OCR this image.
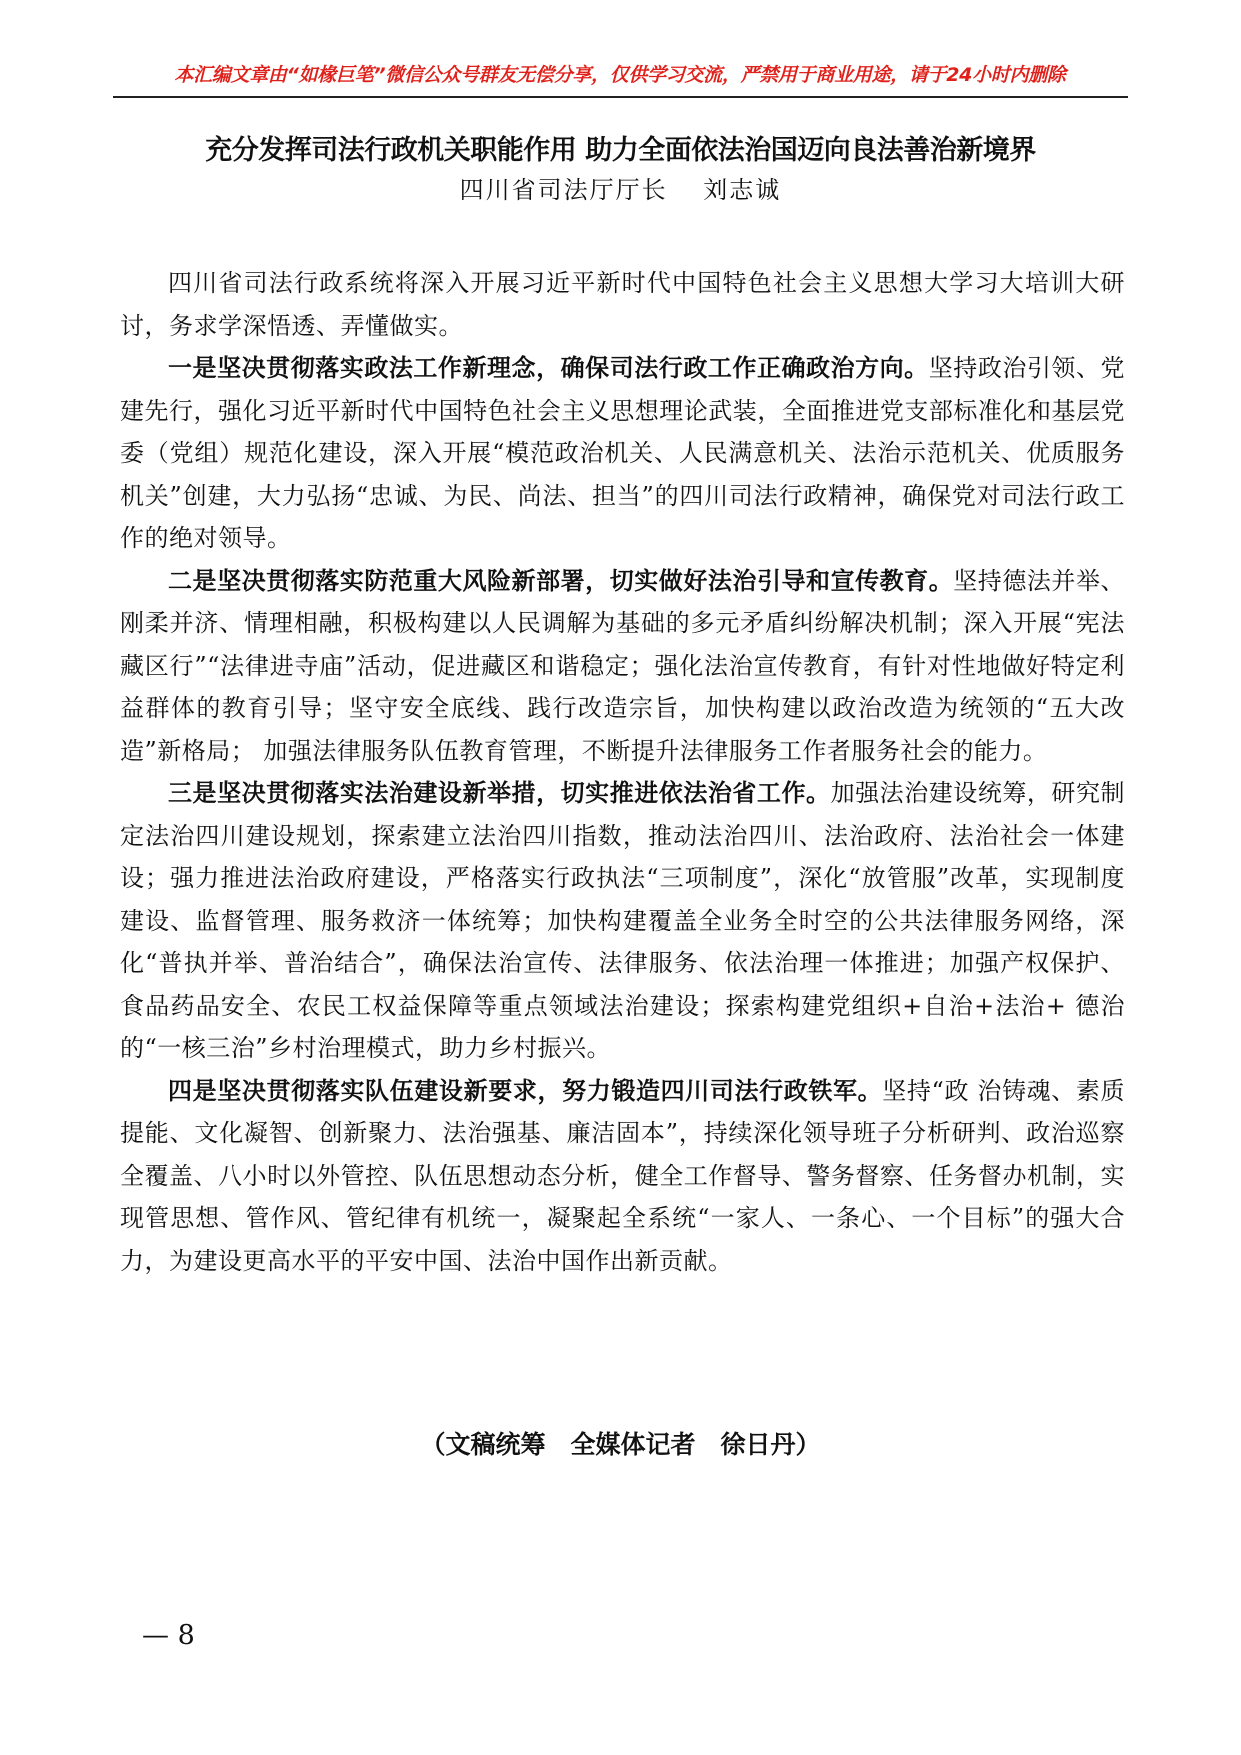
本汇编文章由“如椽巨笔”微信公众号群友无偿分享，仅供学习交流，严禁用于商业用途，请于24小时内删除
充分发挥司法行政机关职能作用 助力全面依法治国迈向良法善治新境界
四川省司法厅厅长　 刘志诚

四川省司法行政系统将深入开展习近平新时代中国特色社会主义思想大学习大培训大研讨，务求学深悟透、弄懂做实。

一是坚决贯彻落实政法工作新理念，确保司法行政工作正确政治方向。坚持政治引领、党建先行，强化习近平新时代中国特色社会主义思想理论武装，全面推进党支部标准化和基层党委（党组）规范化建设，深入开展“模范政治机关、人民满意机关、法治示范机关、优质服务机关”创建，大力弘扬“忠诚、为民、尚法、担当”的四川司法行政精神，确保党对司法行政工作的绝对领导。

二是坚决贯彻落实防范重大风险新部署，切实做好法治引导和宣传教育。坚持德法并举、刚柔并济、情理相融，积极构建以人民调解为基础的多元矛盾纠纷解决机制；深入开展“宪法藏区行”“法律进寺庙”活动，促进藏区和谐稳定；强化法治宣传教育，有针对性地做好特定利益群体的教育引导；坚守安全底线、践行改造宗旨，加快构建以政治改造为统领的“五大改造”新格局； 加强法律服务队伍教育管理，不断提升法律服务工作者服务社会的能力。

三是坚决贯彻落实法治建设新举措，切实推进依法治省工作。加强法治建设统筹，研究制定法治四川建设规划，探索建立法治四川指数，推动法治四川、法治政府、法治社会一体建设；强力推进法治政府建设，严格落实行政执法“三项制度”，深化“放管服”改革，实现制度建设、监督管理、服务救济一体统筹；加快构建覆盖全业务全时空的公共法律服务网络，深化“普执并举、普治结合”，确保法治宣传、法律服务、依法治理一体推进；加强产权保护、食品药品安全、农民工权益保障等重点领域法治建设；探索构建党组织+自治+法治+ 德治的“一核三治”乡村治理模式，助力乡村振兴。

四是坚决贯彻落实队伍建设新要求，努力锻造四川司法行政铁军。坚持“政 治铸魂、素质提能、文化凝智、创新聚力、法治强基、廉洁固本”，持续深化领导班子分析研判、政治巡察全覆盖、八小时以外管控、队伍思想动态分析，健全工作督导、警务督察、任务督办机制，实现管思想、管作风、管纪律有机统一，凝聚起全系统“一家人、一条心、一个目标”的强大合力，为建设更高水平的平安中国、法治中国作出新贡献。

（文稿统筹　全媒体记者　徐日丹）
— 8
